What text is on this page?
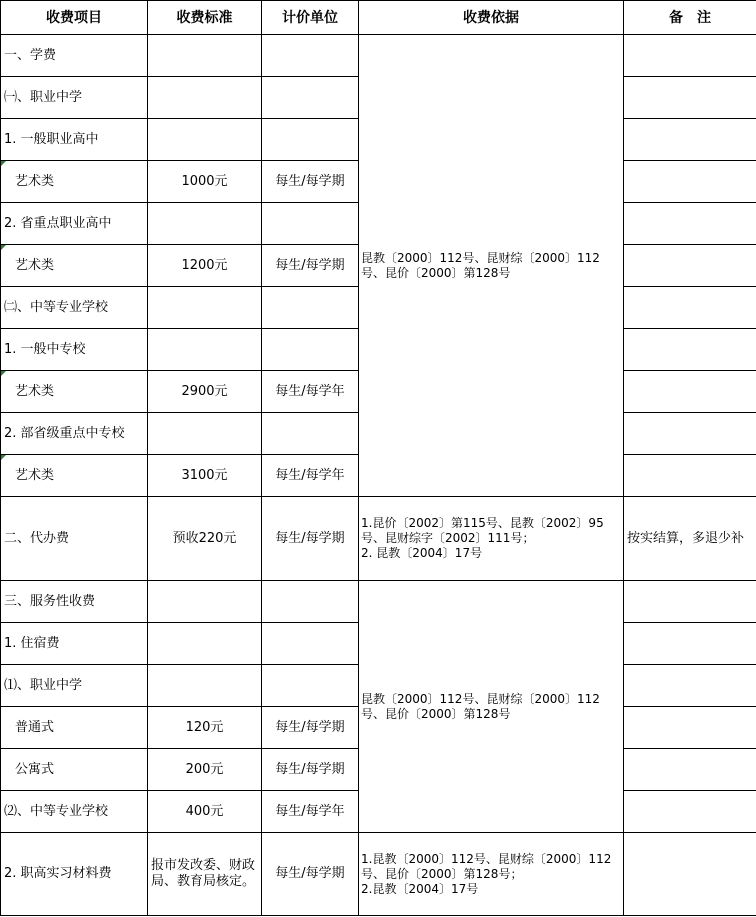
收费项目	收费标准	计价单位	收费依据	备　注
一、学费			昆教〔2000〕112号、昆财综〔2000〕112号、昆价〔2000〕第128号	
㈠、职业中学				
1. 一般职业高中				
艺术类	1000元	每生/每学期		
2. 省重点职业高中				
艺术类	1200元	每生/每学期		
㈡、中等专业学校				
1. 一般中专校				
艺术类	2900元	每生/每学年		
2. 部省级重点中专校				
艺术类	3100元	每生/每学年		
二、代办费	预收220元	每生/每学期	1.昆价〔2002〕第115号、昆教〔2002〕95号、昆财综字〔2002〕111号；
2. 昆教〔2004〕17号	按实结算，多退少补
三、服务性收费			昆教〔2000〕112号、昆财综〔2000〕112号、昆价〔2000〕第128号	
1. 住宿费				
⑴、职业中学				
普通式	120元	每生/每学期		
公寓式	200元	每生/每学期		
⑵、中等专业学校	400元	每生/每学年		
2. 职高实习材料费	报市发改委、财政局、教育局核定。	每生/每学期	1.昆教〔2000〕112号、昆财综〔2000〕112号、昆价〔2000〕第128号；
2.昆教〔2004〕17号	
